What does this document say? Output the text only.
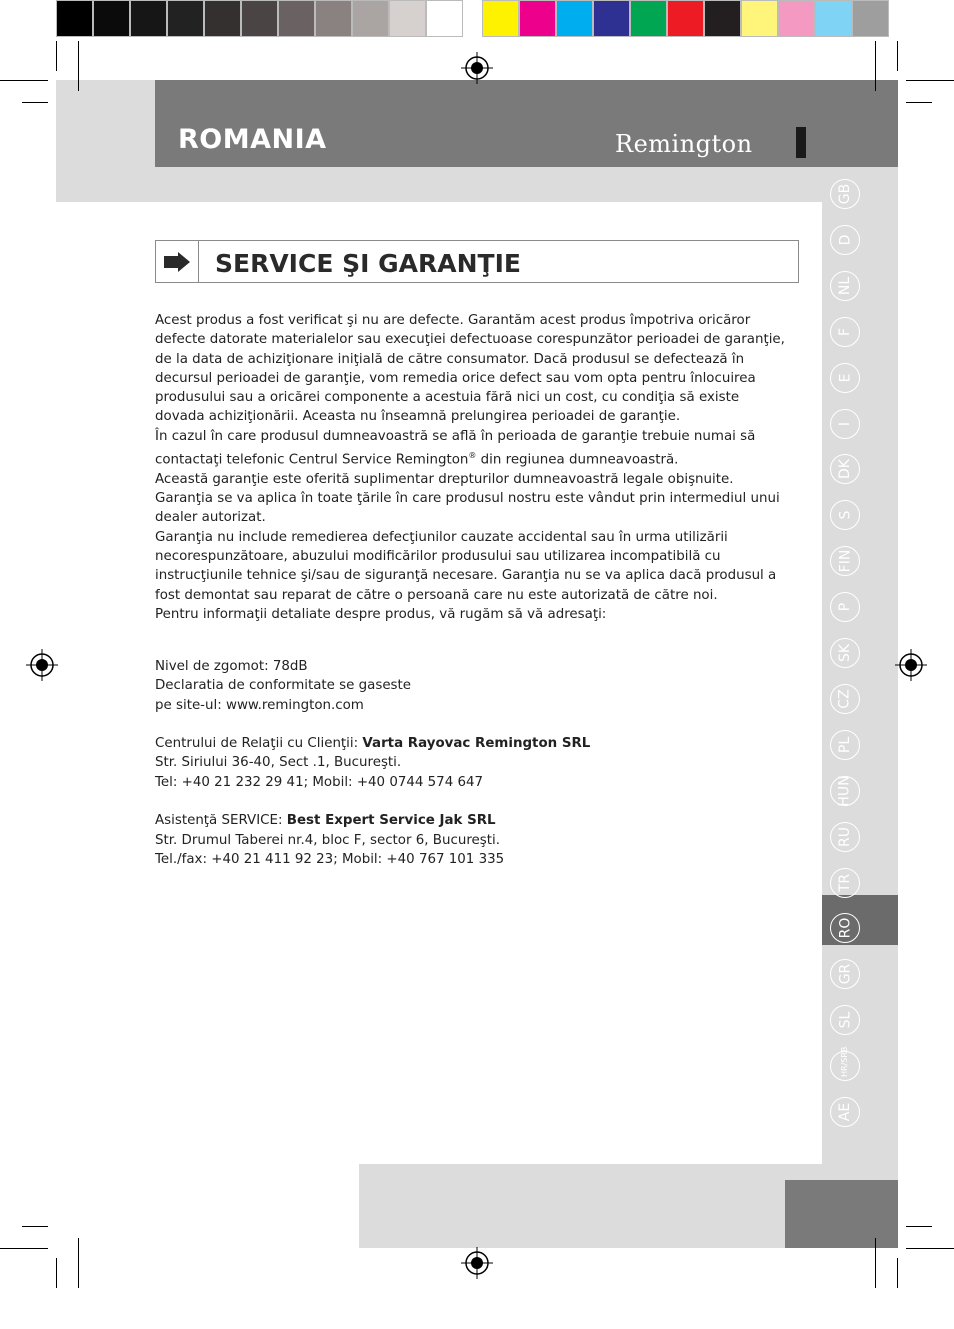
ROMANIA	Remington
GB
D
NL
F
E
I
DK
S
FIN
P
SK
CZ
PL
HUN
RU
TR
RO
GR
SL
HR/SRB
AE
SERVICE ŞI GARANŢIE

Acest produs a fost verificat şi nu are defecte. Garantăm acest produs împotriva oricăror defecte datorate materialelor sau execuţiei defectuoase corespunzător perioadei de garanţie, de la data de achiziţionare iniţială de către consumator. Dacă produsul se defectează în decursul perioadei de garanţie, vom remedia orice defect sau vom opta pentru înlocuirea produsului sau a oricărei componente a acestuia fără nici un cost, cu condiţia să existe dovada achiziţionării. Aceasta nu înseamnă prelungirea perioadei de garanţie.

În cazul în care produsul dumneavoastră se află în perioada de garanţie trebuie numai să contactaţi telefonic Centrul Service Remington® din regiunea dumneavoastră.

Această garanţie este oferită suplimentar drepturilor dumneavoastră legale obişnuite.

Garanţia se va aplica în toate ţările în care produsul nostru este vândut prin intermediul unui dealer autorizat.

Garanţia nu include remedierea defecţiunilor cauzate accidental sau în urma utilizării necorespunzătoare, abuzului modificărilor produsului sau utilizarea incompatibilă cu instrucţiunile tehnice şi/sau de siguranţă necesare. Garanţia nu se va aplica dacă produsul a fost demontat sau reparat de către o persoană care nu este autorizată de către noi.

Pentru informaţii detaliate despre produs, vă rugăm să vă adresaţi:

Nivel de zgomot: 78dB

Declaratia de conformitate se gaseste

pe site-ul: www.remington.com

Centrului de Relaţii cu Clienţii: Varta Rayovac Remington SRL

Str. Siriului 36-40, Sect .1, Bucureşti.

Tel: +40 21 232 29 41; Mobil: +40 0744 574 647

Asistenţă SERVICE: Best Expert Service Jak SRL

Str. Drumul Taberei nr.4, bloc F, sector 6, Bucureşti.

Tel./fax: +40 21 411 92 23; Mobil: +40 767 101 335
